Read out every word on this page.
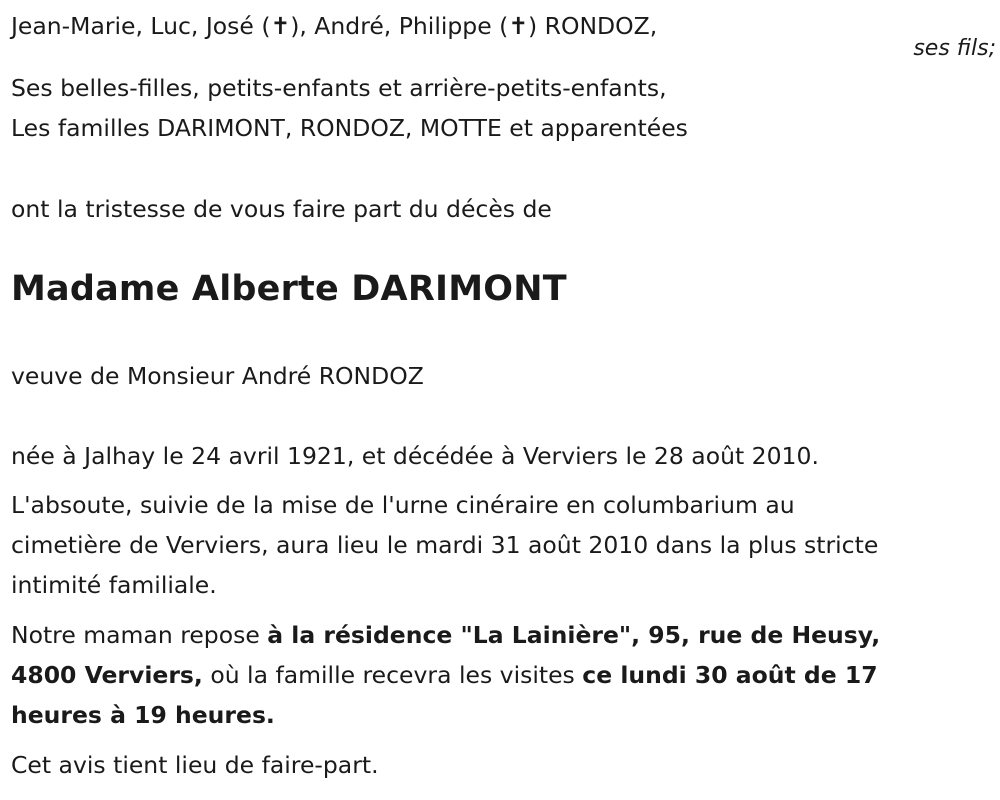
Jean-Marie, Luc, José (✝), André, Philippe (✝) RONDOZ,

ses fils;

Ses belles-filles, petits-enfants et arrière-petits-enfants,

Les familles DARIMONT, RONDOZ, MOTTE et apparentées

ont la tristesse de vous faire part du décès de

Madame Alberte DARIMONT

veuve de Monsieur André RONDOZ

née à Jalhay le 24 avril 1921, et décédée à Verviers le 28 août 2010.

L'absoute, suivie de la mise de l'urne cinéraire en columbarium au
cimetière de Verviers, aura lieu le mardi 31 août 2010 dans la plus stricte
intimité familiale.
Notre maman repose à la résidence "La Lainière", 95, rue de Heusy,
4800 Verviers, où la famille recevra les visites ce lundi 30 août de 17
heures à 19 heures.

Cet avis tient lieu de faire-part.
